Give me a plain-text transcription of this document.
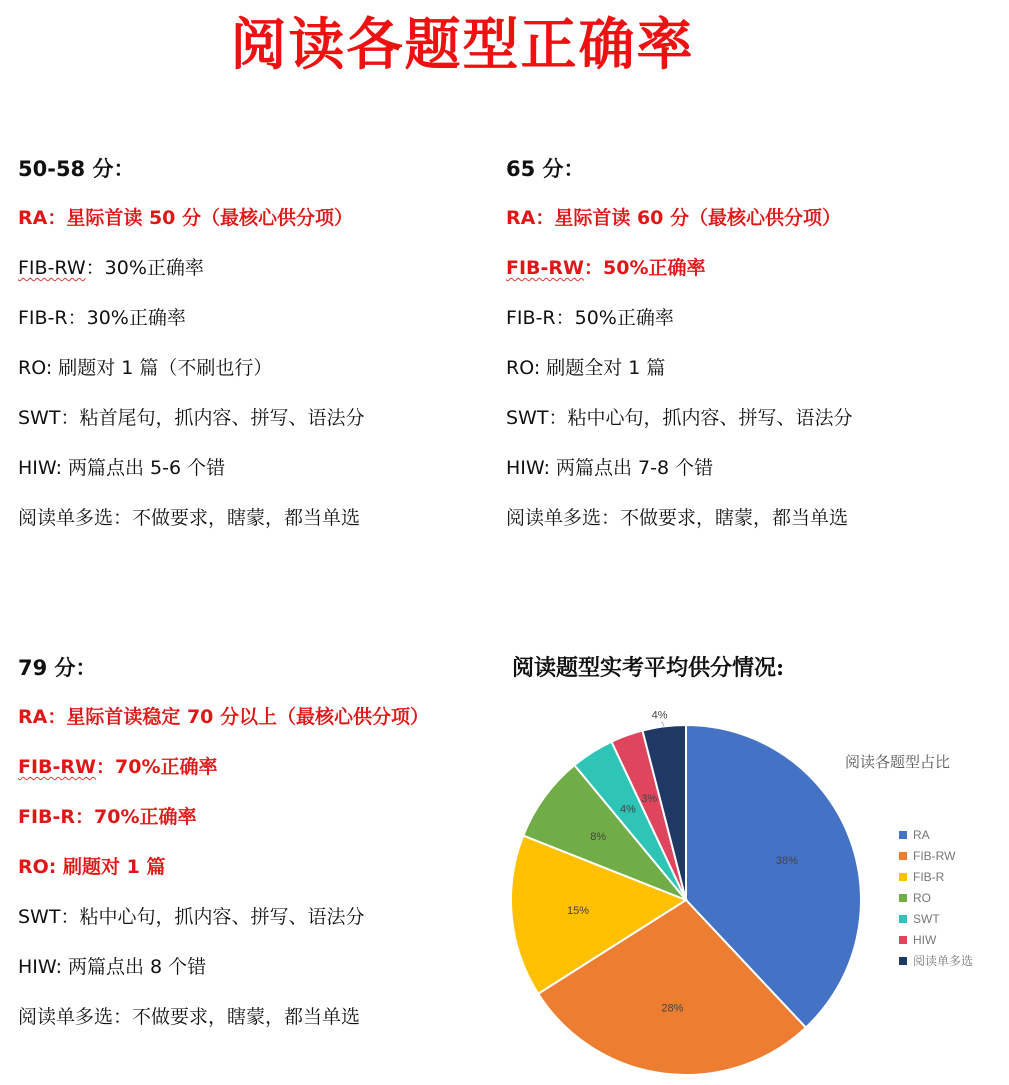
阅读各题型正确率
50-58 分：
RA：星际首读 50 分（最核心供分项）
FIB-RW：30%正确率
FIB-R：30%正确率
RO: 刷题对 1 篇（不刷也行）
SWT：粘首尾句，抓内容、拼写、语法分
HIW: 两篇点出 5-6 个错
阅读单多选：不做要求，瞎蒙，都当单选
65 分：
RA：星际首读 60 分（最核心供分项）
FIB-RW：50%正确率
FIB-R：50%正确率
RO: 刷题全对 1 篇
SWT：粘中心句，抓内容、拼写、语法分
HIW: 两篇点出 7-8 个错
阅读单多选：不做要求，瞎蒙，都当单选
79 分：
RA：星际首读稳定 70 分以上（最核心供分项）
FIB-RW：70%正确率
FIB-R：70%正确率
RO: 刷题对 1 篇
SWT：粘中心句，抓内容、拼写、语法分
HIW: 两篇点出 8 个错
阅读单多选：不做要求，瞎蒙，都当单选
阅读题型实考平均供分情况:
38%
28%
15%
8%
4%
3%
4%
阅读各题型占比
RA
FIB-RW
FIB-R
RO
SWT
HIW
阅读单多选
